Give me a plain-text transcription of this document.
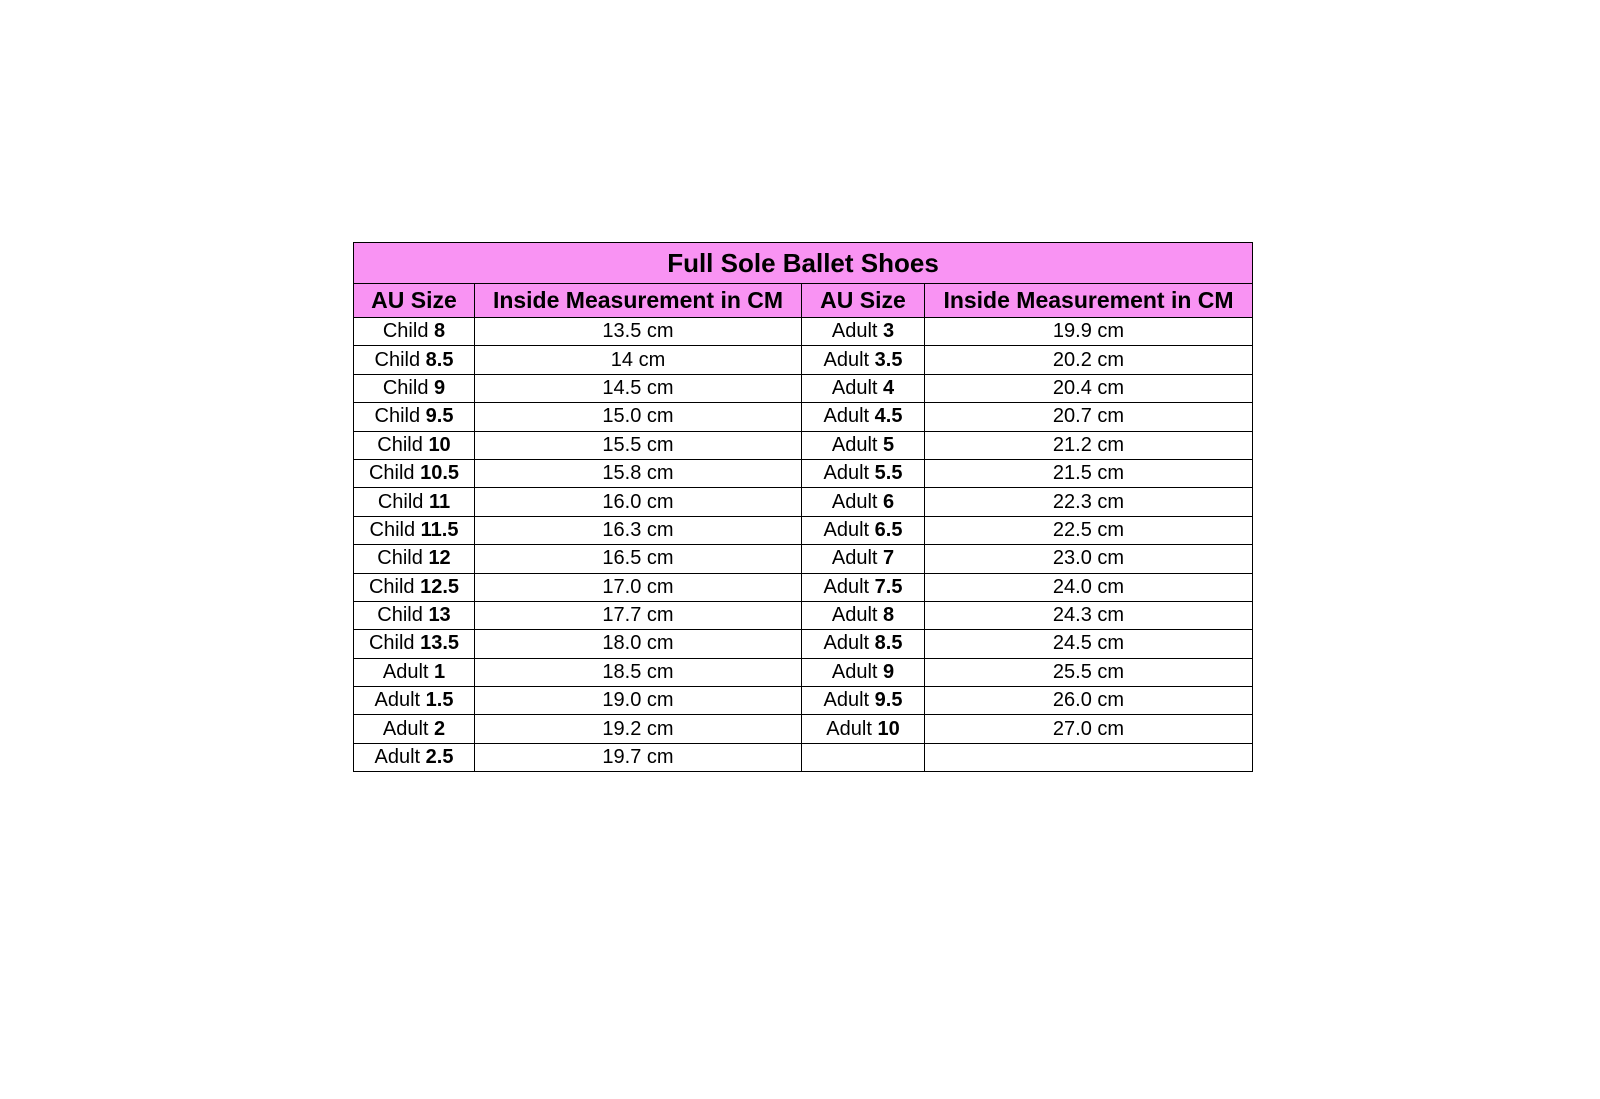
Full Sole Ballet Shoes			
AU Size	Inside Measurement in CM	AU Size	Inside Measurement in CM
Child 8	13.5 cm	Adult 3	19.9 cm
Child 8.5	14 cm	Adult 3.5	20.2 cm
Child 9	14.5 cm	Adult 4	20.4 cm
Child 9.5	15.0 cm	Adult 4.5	20.7 cm
Child 10	15.5 cm	Adult 5	21.2 cm
Child 10.5	15.8 cm	Adult 5.5	21.5 cm
Child 11	16.0 cm	Adult 6	22.3 cm
Child 11.5	16.3 cm	Adult 6.5	22.5 cm
Child 12	16.5 cm	Adult 7	23.0 cm
Child 12.5	17.0 cm	Adult 7.5	24.0 cm
Child 13	17.7 cm	Adult 8	24.3 cm
Child 13.5	18.0 cm	Adult 8.5	24.5 cm
Adult 1	18.5 cm	Adult 9	25.5 cm
Adult 1.5	19.0 cm	Adult 9.5	26.0 cm
Adult 2	19.2 cm	Adult 10	27.0 cm
Adult 2.5	19.7 cm		
